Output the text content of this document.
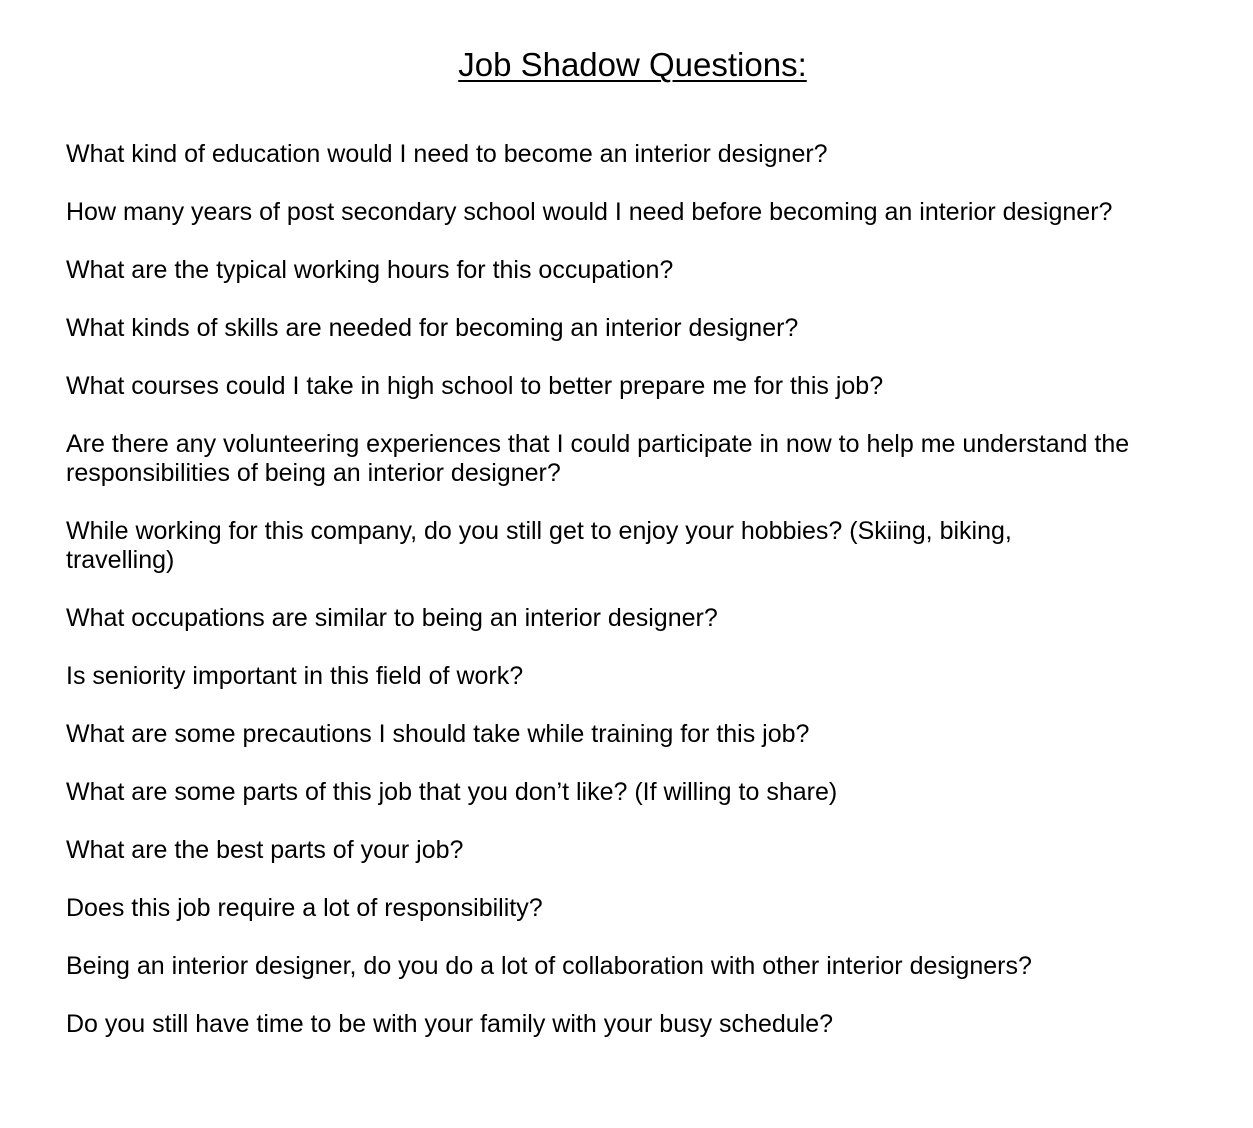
Job Shadow Questions:
What kind of education would I need to become an interior designer?
How many years of post secondary school would I need before becoming an interior designer?
What are the typical working hours for this occupation?
What kinds of skills are needed for becoming an interior designer?
What courses could I take in high school to better prepare me for this job?
Are there any volunteering experiences that I could participate in now to help me understand the responsibilities of being an interior designer?
While working for this company, do you still get to enjoy your hobbies? (Skiing, biking, travelling)
What occupations are similar to being an interior designer?
Is seniority important in this field of work?
What are some precautions I should take while training for this job?
What are some parts of this job that you don’t like? (If willing to share)
What are the best parts of your job?
Does this job require a lot of responsibility?
Being an interior designer, do you do a lot of collaboration with other interior designers?
Do you still have time to be with your family with your busy schedule?
